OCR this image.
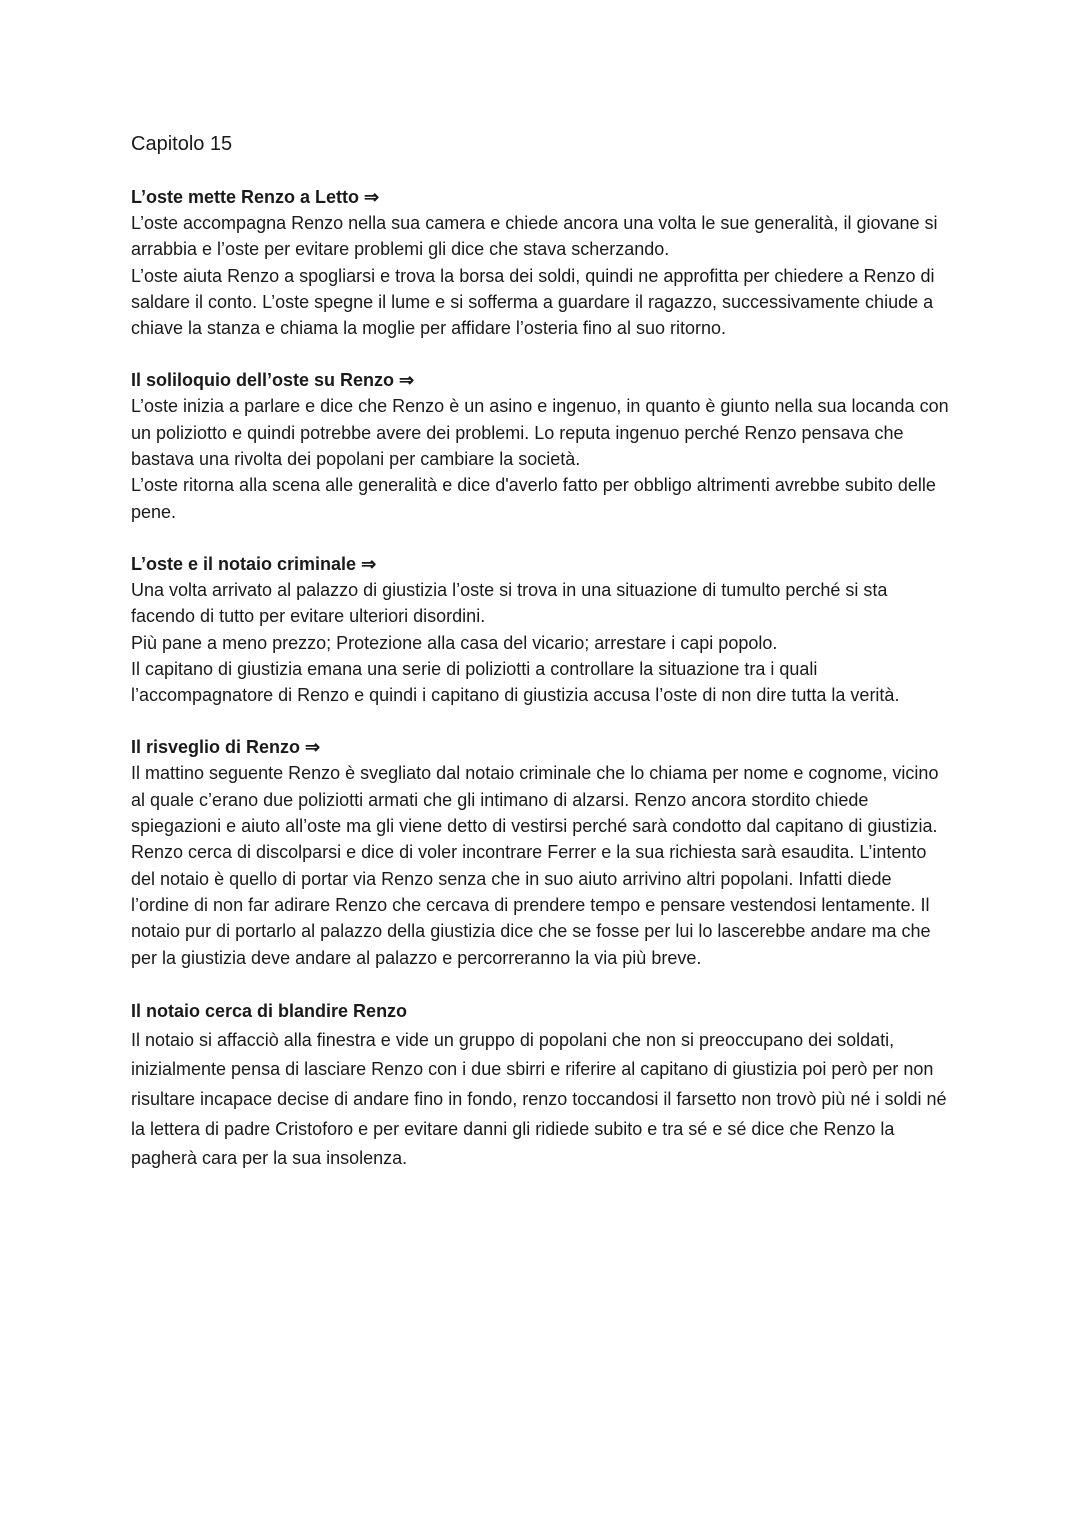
Capitolo 15

L’oste mette Renzo a Letto ⇒

L’oste accompagna Renzo nella sua camera e chiede ancora una volta le sue generalità, il giovane si arrabbia e l’oste per evitare problemi gli dice che stava scherzando.

L’oste aiuta Renzo a spogliarsi e trova la borsa dei soldi, quindi ne approfitta per chiedere a Renzo di saldare il conto. L’oste spegne il lume e si sofferma a guardare il ragazzo, successivamente chiude a chiave la stanza e chiama la moglie per affidare l’osteria fino al suo ritorno.

Il soliloquio dell’oste su Renzo ⇒

L’oste inizia a parlare e dice che Renzo è un asino e ingenuo, in quanto è giunto nella sua locanda con un poliziotto e quindi potrebbe avere dei problemi. Lo reputa ingenuo perché Renzo pensava che bastava una rivolta dei popolani per cambiare la società.

L’oste ritorna alla scena alle generalità e dice d'averlo fatto per obbligo altrimenti avrebbe subito delle pene.

L’oste e il notaio criminale ⇒

Una volta arrivato al palazzo di giustizia l’oste si trova in una situazione di tumulto perché si sta facendo di tutto per evitare ulteriori disordini.

Più pane a meno prezzo; Protezione alla casa del vicario; arrestare i capi popolo.

Il capitano di giustizia emana una serie di poliziotti a controllare la situazione tra i quali l’accompagnatore di Renzo e quindi i capitano di giustizia accusa l’oste di non dire tutta la verità.

Il risveglio di Renzo ⇒

Il mattino seguente Renzo è svegliato dal notaio criminale che lo chiama per nome e cognome, vicino al quale c’erano due poliziotti armati che gli intimano di alzarsi. Renzo ancora stordito chiede spiegazioni e aiuto all’oste ma gli viene detto di vestirsi perché sarà condotto dal capitano di giustizia. Renzo cerca di discolparsi e dice di voler incontrare Ferrer e la sua richiesta sarà esaudita. L’intento del notaio è quello di portar via Renzo senza che in suo aiuto arrivino altri popolani. Infatti diede l’ordine di non far adirare Renzo che cercava di prendere tempo e pensare vestendosi lentamente. Il notaio pur di portarlo al palazzo della giustizia dice che se fosse per lui lo lascerebbe andare ma che per la giustizia deve andare al palazzo e percorreranno la via più breve.

Il notaio cerca di blandire Renzo

Il notaio si affacciò alla finestra e vide un gruppo di popolani che non si preoccupano dei soldati, inizialmente pensa di lasciare Renzo con i due sbirri e riferire al capitano di giustizia poi però per non risultare incapace decise di andare fino in fondo, renzo toccandosi il farsetto non trovò più né i soldi né la lettera di padre Cristoforo e per evitare danni gli ridiede subito e tra sé e sé dice che Renzo la pagherà cara per la sua insolenza.
